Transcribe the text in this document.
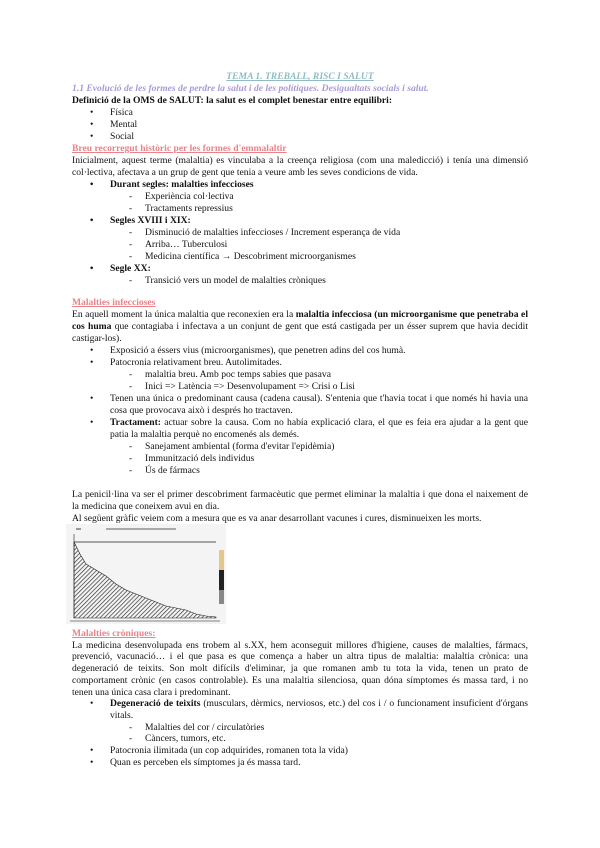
TEMA 1. TREBALL, RISC I SALUT
1.1 Evolució de les formes de perdre la salut i de les polítiques. Desigualtats socials i salut.
Definició de la OMS de SALUT: la salut es el complet benestar entre equilibri:
• Física
• Mental
• Social
Breu recorregut històric per les formes d'emmalaltir
Inicialment, aquest terme (malaltia) es vinculaba a la creença religiosa (com una maledicció) i tenía una dimensió col·lectiva, afectava a un grup de gent que tenia a veure amb les seves condicions de vida.
• Durant segles: malalties infeccioses
- Experiència col·lectiva
- Tractaments repressius
• Segles XVIII i XIX:
- Disminució de malalties infeccioses / Increment esperança de vida
- Arriba… Tuberculosi
- Medicina científica → Descobriment microorganismes
• Segle XX:
- Transició vers un model de malalties cròniques
Malalties infeccioses
En aquell moment la única malaltia que reconexien era la malaltia infecciosa (un microorganisme que penetraba el cos huma que contagiaba i infectava a un conjunt de gent que está castigada per un ésser suprem que havia decidit castigar-los).
• Exposició a éssers vius (microorganismes), que penetren adins del cos humà.
• Patocronia relativament breu. Autolimitades.
- malaltia breu. Amb poc temps sabies que pasava
- Inici => Latència => Desenvolupament => Crisi o Lisi
• Tenen una única o predominant causa (cadena causal). S'entenia que t'havia tocat i que només hi havia una cosa que provocava això i després ho tractaven.
• Tractament: actuar sobre la causa. Com no había explicació clara, el que es feia era ajudar a la gent que patia la malaltia perquè no encomenés als demés.
- Sanejament ambiental (forma d'evitar l'epidèmia)
- Immunització dels individus
- Ús de fármacs
La penicil·lina va ser el primer descobriment farmacèutic que permet eliminar la malaltia i que dona el naixement de la medicina que coneixem avui en dia.
Al següent gràfic veiem com a mesura que es va anar desarrollant vacunes i cures, disminueixen les morts.
Malalties cròniques:
La medicina desenvolupada ens trobem al s.XX, hem aconseguit millores d'higiene, causes de malalties, fármacs, prevenció, vacunació… i el que pasa es que comença a haber un altra tipus de malaltia: malaltia crònica: una degeneració de teixits. Son molt difícils d'eliminar, ja que romanen amb tu tota la vida, tenen un prato de comportament crònic (en casos controlable). Es una malaltia silenciosa, quan dóna símptomes és massa tard, i no tenen una única casa clara i predominant.
• Degeneració de teixits (musculars, dèrmics, nerviosos, etc.) del cos i / o funcionament insuficient d'órgans vitals.
- Malalties del cor / circulatòries
- Càncers, tumors, etc.
• Patocronia ilimitada (un cop adquirides, romanen tota la vida)
• Quan es perceben els símptomes ja és massa tard.
